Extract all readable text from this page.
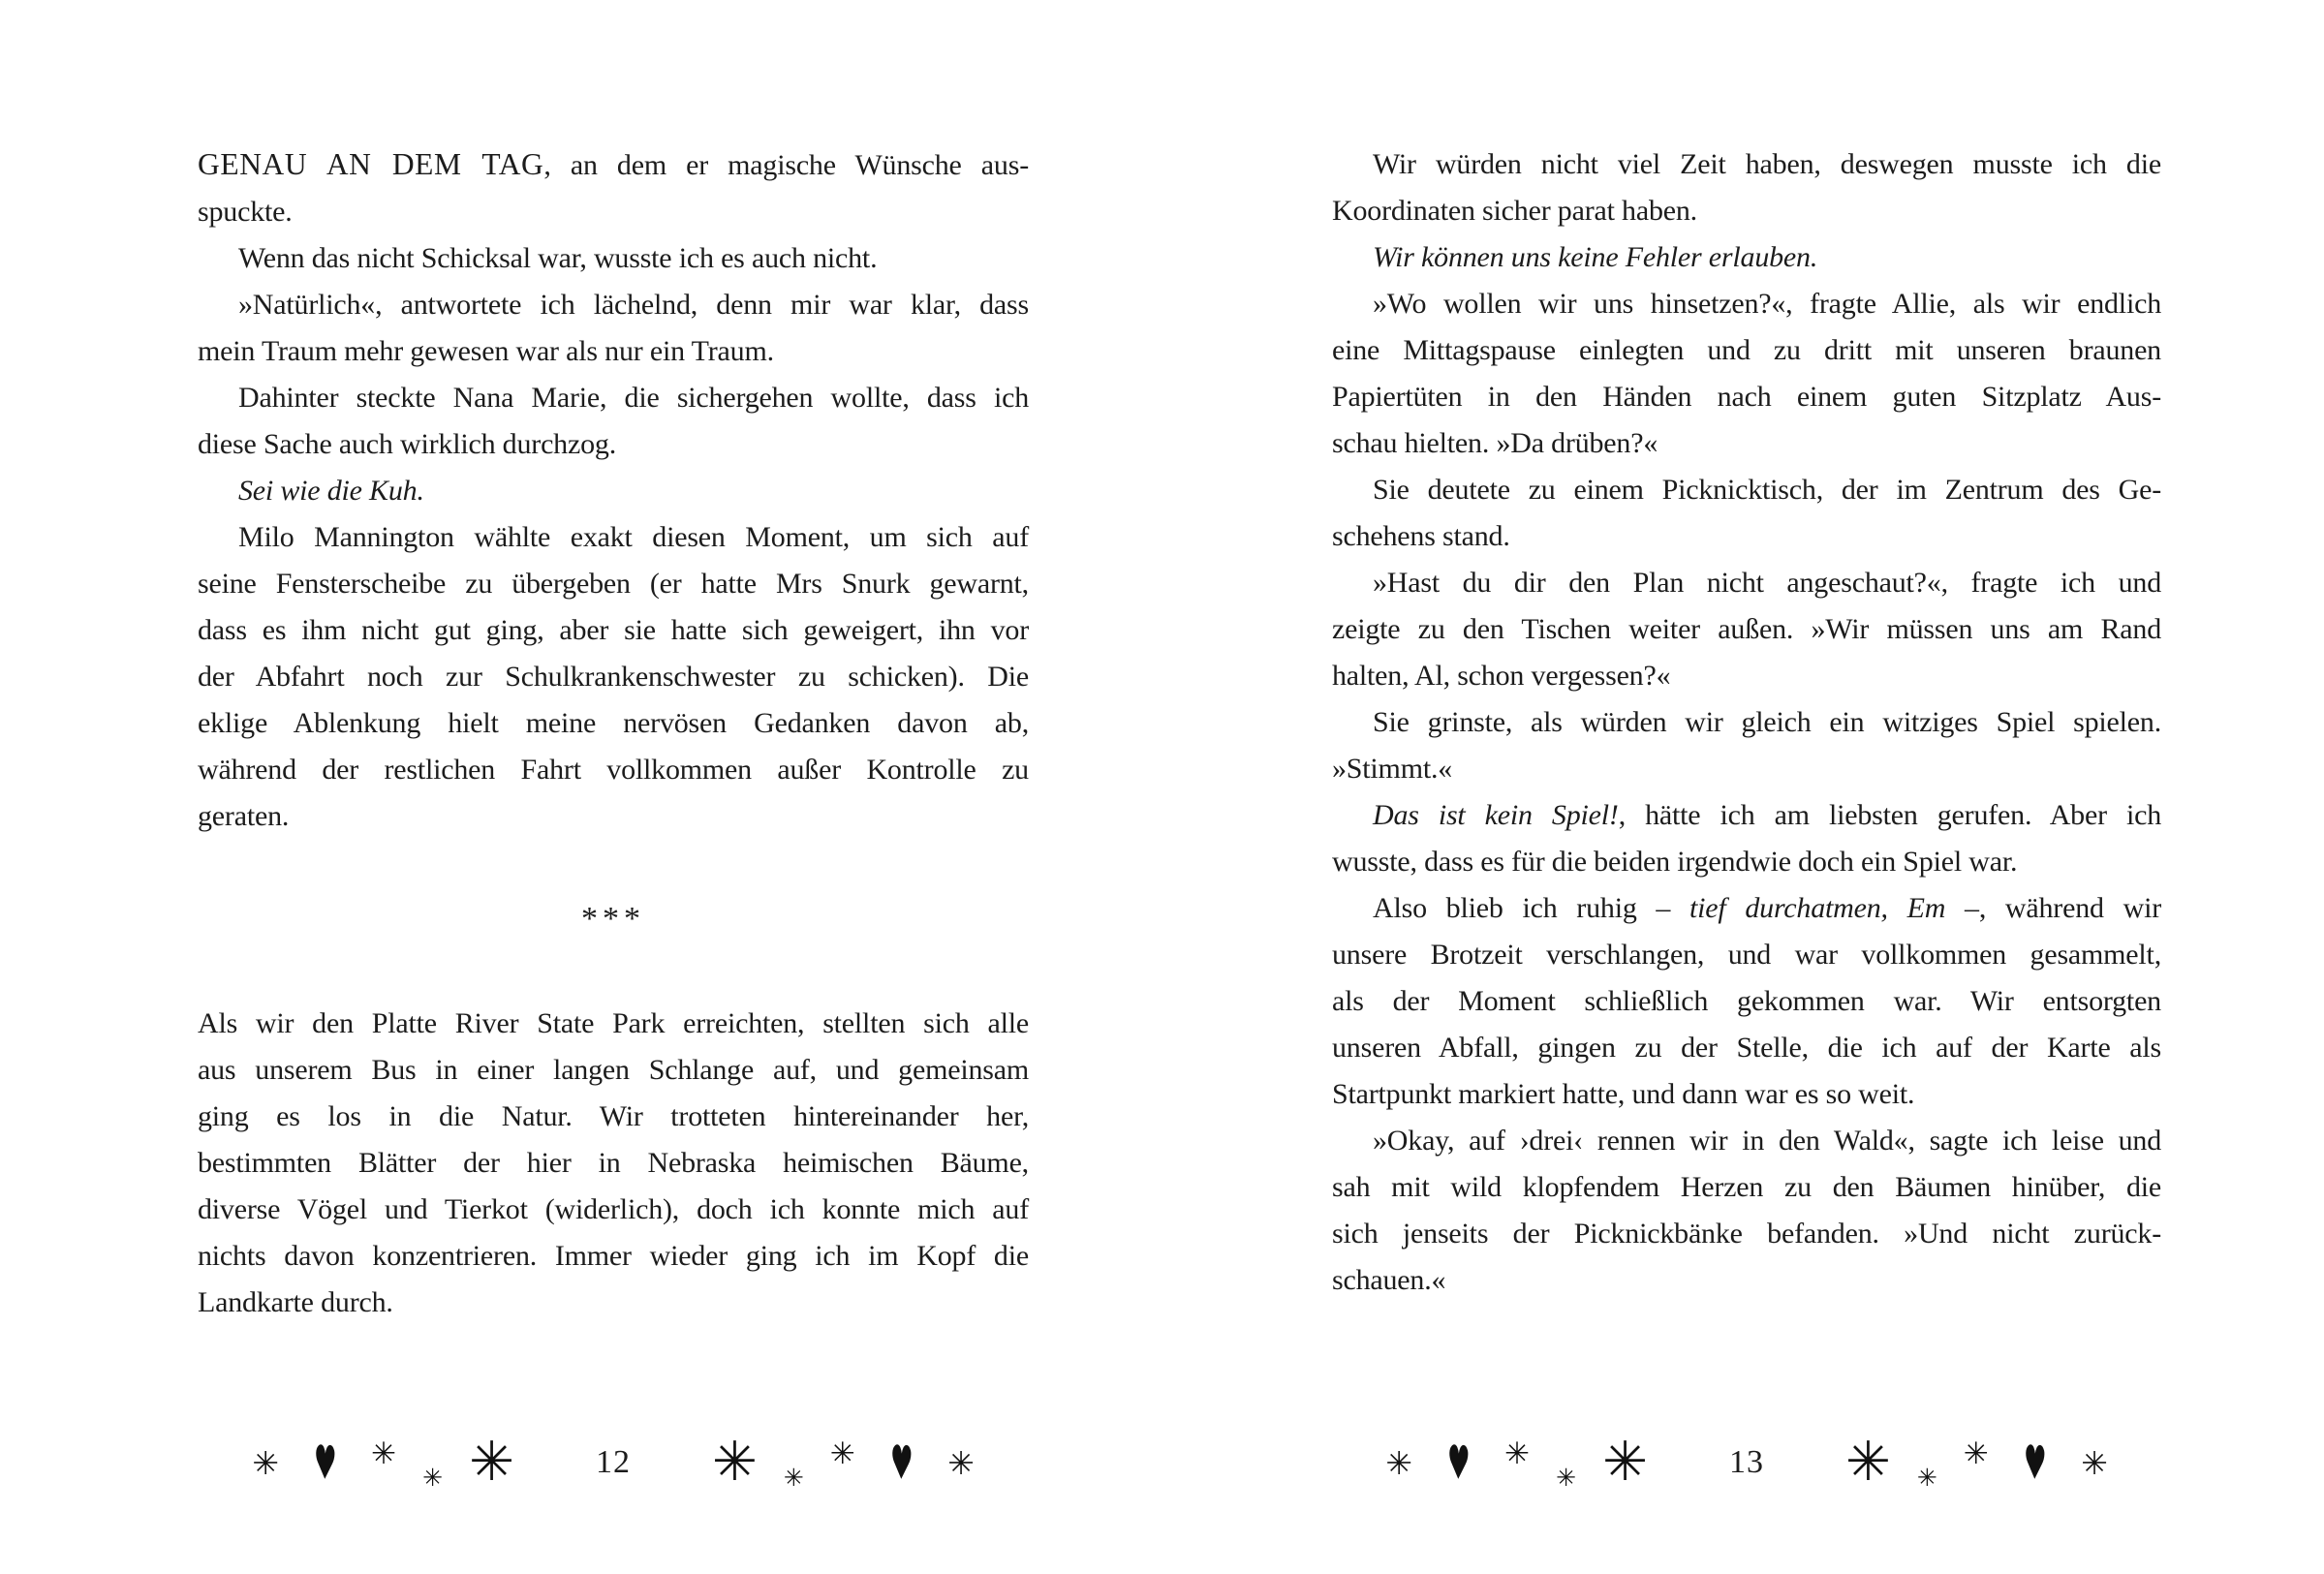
GENAU AN DEM TAG, an dem er magische Wünsche aus-
spuckte.
Wenn das nicht Schicksal war, wusste ich es auch nicht.
»Natürlich«, antwortete ich lächelnd, denn mir war klar, dass
mein Traum mehr gewesen war als nur ein Traum.
Dahinter steckte Nana Marie, die sichergehen wollte, dass ich
diese Sache auch wirklich durchzog.
Sei wie die Kuh.
Milo Mannington wählte exakt diesen Moment, um sich auf
seine Fensterscheibe zu übergeben (er hatte Mrs Snurk gewarnt,
dass es ihm nicht gut ging, aber sie hatte sich geweigert, ihn vor
der Abfahrt noch zur Schulkrankenschwester zu schicken). Die
eklige Ablenkung hielt meine nervösen Gedanken davon ab,
während der restlichen Fahrt vollkommen außer Kontrolle zu
geraten.
***
Als wir den Platte River State Park erreichten, stellten sich alle
aus unserem Bus in einer langen Schlange auf, und gemeinsam
ging es los in die Natur. Wir trotteten hintereinander her,
bestimmten Blätter der hier in Nebraska heimischen Bäume,
diverse Vögel und Tierkot (widerlich), doch ich konnte mich auf
nichts davon konzentrieren. Immer wieder ging ich im Kopf die
Landkarte durch.
✳ ♥ ✳
✳ ✳ 12 ✳ ✳
✳ ♥ ✳
Wir würden nicht viel Zeit haben, deswegen musste ich die
Koordinaten sicher parat haben.
Wir können uns keine Fehler erlauben.
»Wo wollen wir uns hinsetzen?«, fragte Allie, als wir endlich
eine Mittagspause einlegten und zu dritt mit unseren braunen
Papiertüten in den Händen nach einem guten Sitzplatz Aus-
schau hielten. »Da drüben?«
Sie deutete zu einem Picknicktisch, der im Zentrum des Ge-
schehens stand.
»Hast du dir den Plan nicht angeschaut?«, fragte ich und
zeigte zu den Tischen weiter außen. »Wir müssen uns am Rand
halten, Al, schon vergessen?«
Sie grinste, als würden wir gleich ein witziges Spiel spielen.
»Stimmt.«
Das ist kein Spiel!, hätte ich am liebsten gerufen. Aber ich
wusste, dass es für die beiden irgendwie doch ein Spiel war.
Also blieb ich ruhig – tief durchatmen, Em –, während wir
unsere Brotzeit verschlangen, und war vollkommen gesammelt,
als der Moment schließlich gekommen war. Wir entsorgten
unseren Abfall, gingen zu der Stelle, die ich auf der Karte als
Startpunkt markiert hatte, und dann war es so weit.
»Okay, auf ›drei‹ rennen wir in den Wald«, sagte ich leise und
sah mit wild klopfendem Herzen zu den Bäumen hinüber, die
sich jenseits der Picknickbänke befanden. »Und nicht zurück-
schauen.«
✳ ♥ ✳
✳ ✳ 13 ✳ ✳
✳ ♥ ✳
